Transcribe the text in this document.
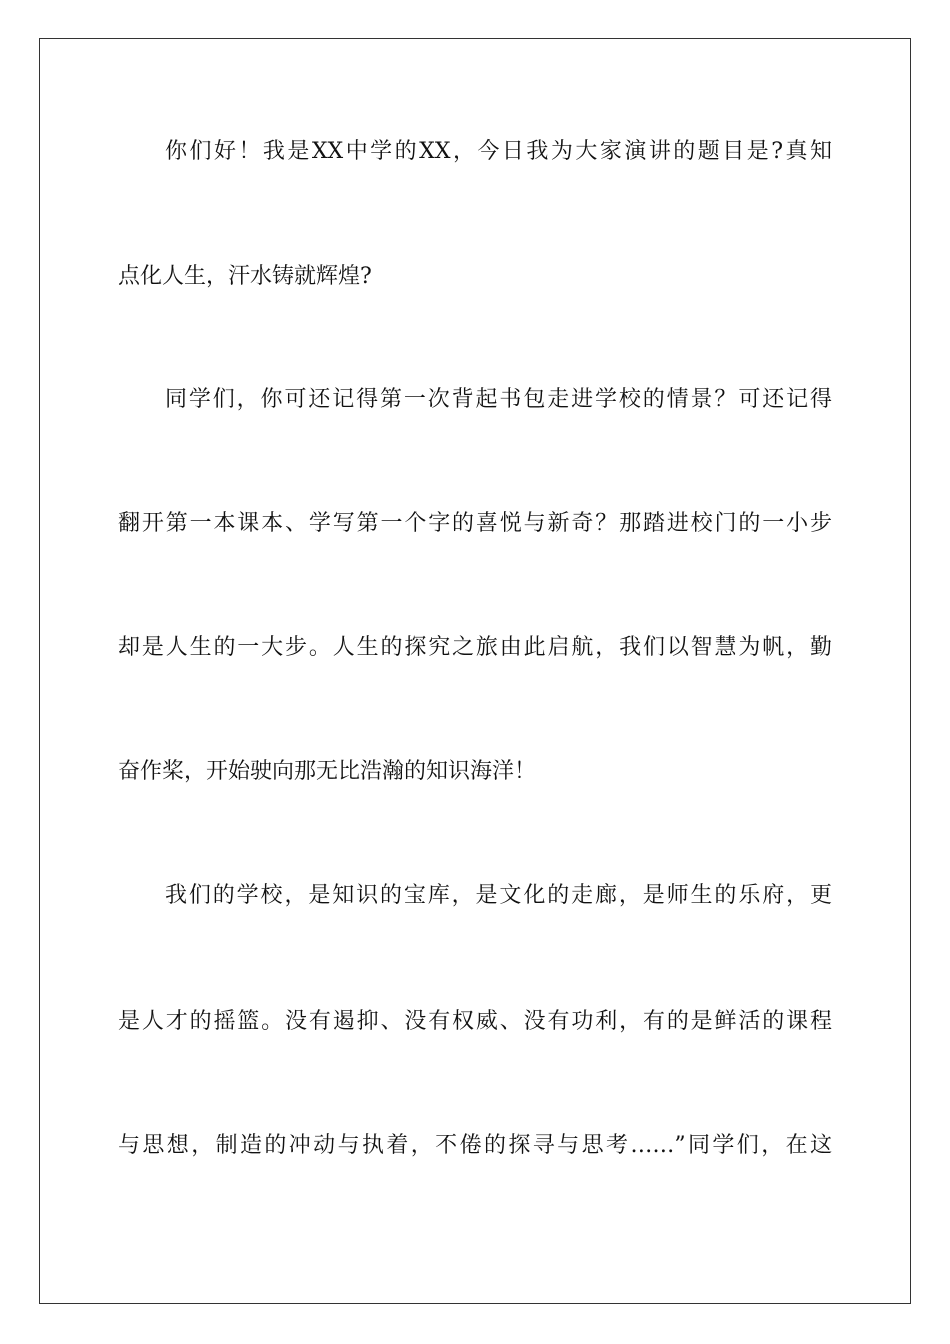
你们好！我是XX中学的XX，今日我为大家演讲的题目是?真知
点化人生，汗水铸就辉煌?
同学们，你可还记得第一次背起书包走进学校的情景？可还记得
翻开第一本课本、学写第一个字的喜悦与新奇？那踏进校门的一小步
却是人生的一大步。人生的探究之旅由此启航，我们以智慧为帆，勤
奋作桨，开始驶向那无比浩瀚的知识海洋！
我们的学校，是知识的宝库，是文化的走廊，是师生的乐府，更
是人才的摇篮。没有遏抑、没有权威、没有功利，有的是鲜活的课程
与思想，制造的冲动与执着，不倦的探寻与思考……”同学们，在这
